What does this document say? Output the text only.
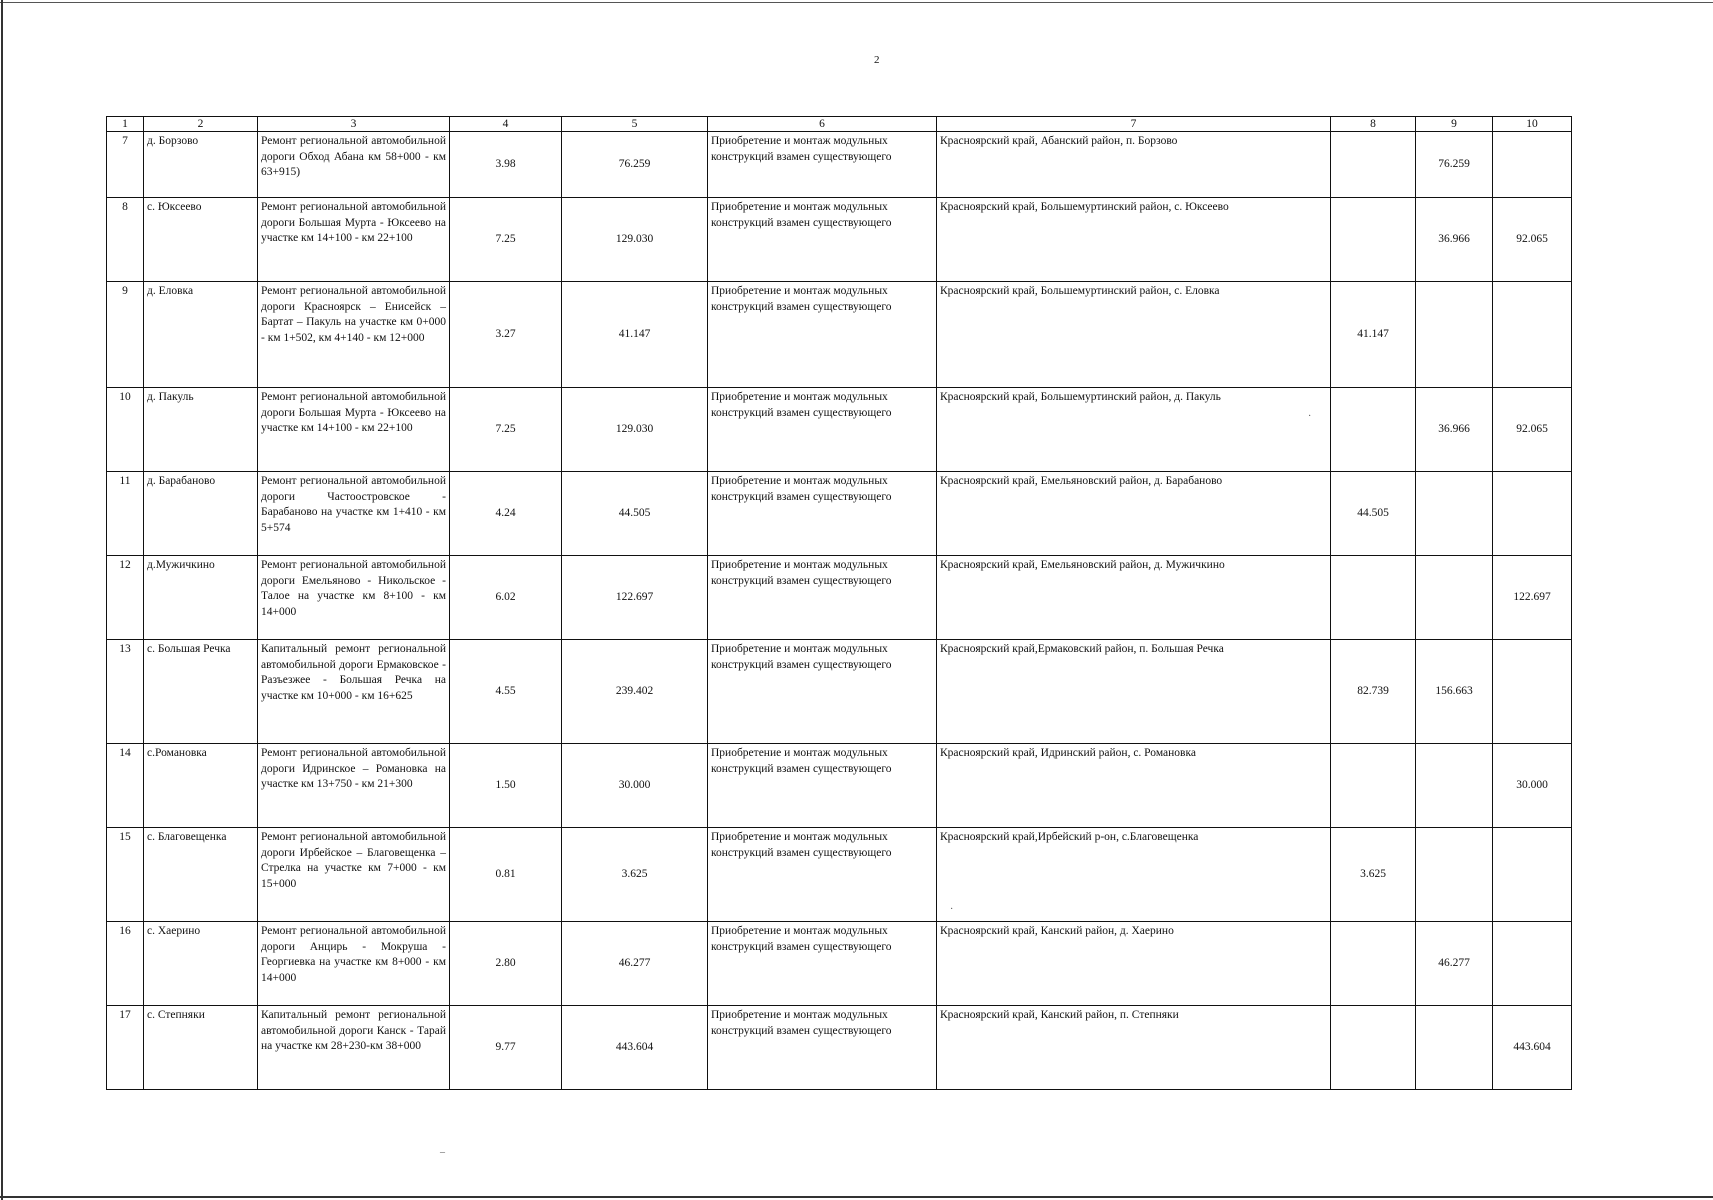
2
1	2	3	4	5	6	7	8	9	10
7	д. Борзово	Ремонт региональной автомобильной дороги Обход Абана км 58+000 - км 63+915)	3.98	76.259	Приобретение и монтаж модульных конструкций взамен существующего	Красноярский край, Абанский район, п. Борзово		76.259	
8	с. Юксеево	Ремонт региональной автомобильной дороги Большая Мурта - Юксеево на участке км 14+100 - км 22+100	7.25	129.030	Приобретение и монтаж модульных конструкций взамен существующего	Красноярский край, Большемуртинский район, с. Юксеево		36.966	92.065
9	д. Еловка	Ремонт региональной автомобильной дороги Красноярск – Енисейск – Бартат – Пакуль на участке км 0+000 - км 1+502, км 4+140 - км 12+000	3.27	41.147	Приобретение и монтаж модульных конструкций взамен существующего	Красноярский край, Большемуртинский район, с. Еловка	41.147		
10	д. Пакуль	Ремонт региональной автомобильной дороги Большая Мурта - Юксеево на участке км 14+100 - км 22+100	7.25	129.030	Приобретение и монтаж модульных конструкций взамен существующего	Красноярский край, Большемуртинский район, д. Пакуль		36.966	92.065
11	д. Барабаново	Ремонт региональной автомобильной дороги Частоостровское - Барабаново на участке км 1+410 - км 5+574	4.24	44.505	Приобретение и монтаж модульных конструкций взамен существующего	Красноярский край, Емельяновский район, д. Барабаново	44.505		
12	д.Мужичкино	Ремонт региональной автомобильной дороги Емельяново - Никольское - Талое на участке км 8+100 - км 14+000	6.02	122.697	Приобретение и монтаж модульных конструкций взамен существующего	Красноярский край, Емельяновский район, д. Мужичкино			122.697
13	с. Большая Речка	Капитальный ремонт региональной автомобильной дороги Ермаковское - Разъезжее - Большая Речка на участке км 10+000 - км 16+625	4.55	239.402	Приобретение и монтаж модульных конструкций взамен существующего	Красноярский край,Ермаковский район, п. Большая Речка	82.739	156.663	
14	с.Романовка	Ремонт региональной автомобильной дороги Идринское – Романовка на участке км 13+750 - км 21+300	1.50	30.000	Приобретение и монтаж модульных конструкций взамен существующего	Красноярский край, Идринский район, с. Романовка			30.000
15	с. Благовещенка	Ремонт региональной автомобильной дороги Ирбейское – Благовещенка – Стрелка на участке км 7+000 - км 15+000	0.81	3.625	Приобретение и монтаж модульных конструкций взамен существующего	Красноярский край,Ирбейский р-он, с.Благовещенка	3.625		
16	с. Хаерино	Ремонт региональной автомобильной дороги Анцирь - Мокруша - Георгиевка на участке км 8+000 - км 14+000	2.80	46.277	Приобретение и монтаж модульных конструкций взамен существующего	Красноярский край, Канский район, д. Хаерино		46.277	
17	с. Степняки	Капитальный ремонт региональной автомобильной дороги Канск - Тарай на участке км 28+230-км 38+000	9.77	443.604	Приобретение и монтаж модульных конструкций взамен существующего	Красноярский край, Канский район, п. Степняки			443.604
·
·
_
